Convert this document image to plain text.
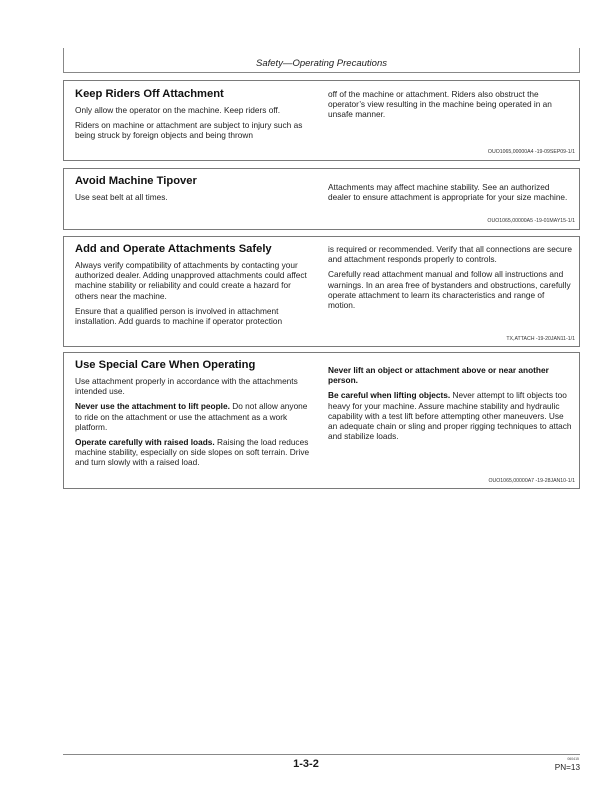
Safety—Operating Precautions
Keep Riders Off Attachment

Only allow the operator on the machine. Keep riders off.

Riders on machine or attachment are subject to injury such as being struck by foreign objects and being thrown

off of the machine or attachment. Riders also obstruct the operator’s view resulting in the machine being operated in an unsafe manner.

OUO1065,00000A4 -19-09SEP09-1/1
Avoid Machine Tipover

Use seat belt at all times.

Attachments may affect machine stability. See an authorized dealer to ensure attachment is appropriate for your size machine.

OUO1065,00000A5 -19-01MAY15-1/1
Add and Operate Attachments Safely

Always verify compatibility of attachments by contacting your authorized dealer. Adding unapproved attachments could affect machine stability or reliability and could create a hazard for others near the machine.

Ensure that a qualified person is involved in attachment installation. Add guards to machine if operator protection

is required or recommended. Verify that all connections are secure and attachment responds properly to controls.

Carefully read attachment manual and follow all instructions and warnings. In an area free of bystanders and obstructions, carefully operate attachment to learn its characteristics and range of motion.

TX,ATTACH -19-20JAN11-1/1
Use Special Care When Operating

Use attachment properly in accordance with the attachments intended use.

Never use the attachment to lift people. Do not allow anyone to ride on the attachment or use the attachment as a work platform.

Operate carefully with raised loads. Raising the load reduces machine stability, especially on side slopes on soft terrain. Drive and turn slowly with a raised load.

Never lift an object or attachment above or near another person.

Be careful when lifting objects. Never attempt to lift objects too heavy for your machine. Assure machine stability and hydraulic capability with a test lift before attempting other maneuvers. Use an adequate chain or sling and proper rigging techniques to attach and stabilize loads.

OUO1065,00000A7 -19-28JAN10-1/1
1-3-2	060415
PN=13
